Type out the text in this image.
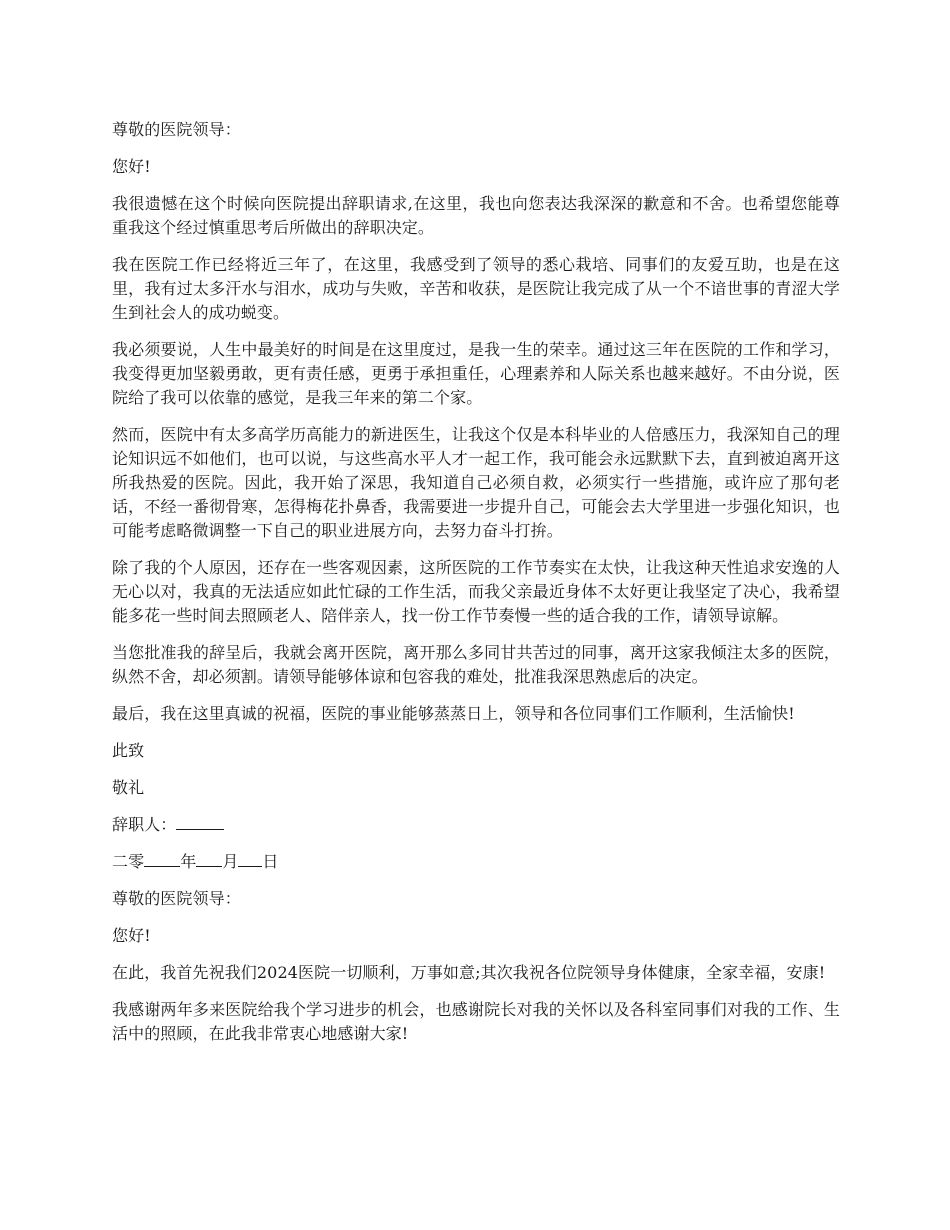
尊敬的医院领导：

您好!

我很遗憾在这个时候向医院提出辞职请求,在这里，我也向您表达我深深的歉意和不舍。也希望您能尊重我这个经过慎重思考后所做出的辞职决定。

我在医院工作已经将近三年了，在这里，我感受到了领导的悉心栽培、同事们的友爱互助，也是在这里，我有过太多汗水与泪水，成功与失败，辛苦和收获，是医院让我完成了从一个不谙世事的青涩大学生到社会人的成功蜕变。

我必须要说，人生中最美好的时间是在这里度过，是我一生的荣幸。通过这三年在医院的工作和学习，我变得更加坚毅勇敢，更有责任感，更勇于承担重任，心理素养和人际关系也越来越好。不由分说，医院给了我可以依靠的感觉，是我三年来的第二个家。

然而，医院中有太多高学历高能力的新进医生，让我这个仅是本科毕业的人倍感压力，我深知自己的理论知识远不如他们，也可以说，与这些高水平人才一起工作，我可能会永远默默下去，直到被迫离开这所我热爱的医院。因此，我开始了深思，我知道自己必须自救，必须实行一些措施，或许应了那句老话，不经一番彻骨寒，怎得梅花扑鼻香，我需要进一步提升自己，可能会去大学里进一步强化知识，也可能考虑略微调整一下自己的职业进展方向，去努力奋斗打拚。

除了我的个人原因，还存在一些客观因素，这所医院的工作节奏实在太快，让我这种天性追求安逸的人无心以对，我真的无法适应如此忙碌的工作生活，而我父亲最近身体不太好更让我坚定了决心，我希望能多花一些时间去照顾老人、陪伴亲人，找一份工作节奏慢一些的适合我的工作，请领导谅解。

当您批准我的辞呈后，我就会离开医院，离开那么多同甘共苦过的同事，离开这家我倾注太多的医院，纵然不舍，却必须割。请领导能够体谅和包容我的难处，批准我深思熟虑后的决定。

最后，我在这里真诚的祝福，医院的事业能够蒸蒸日上，领导和各位同事们工作顺利，生活愉快!

此致

敬礼

辞职人：

二零 年 月 日

尊敬的医院领导：

您好!

在此，我首先祝我们2024医院一切顺利，万事如意;其次我祝各位院领导身体健康，全家幸福，安康!

我感谢两年多来医院给我个学习进步的机会，也感谢院长对我的关怀以及各科室同事们对我的工作、生活中的照顾，在此我非常衷心地感谢大家!
